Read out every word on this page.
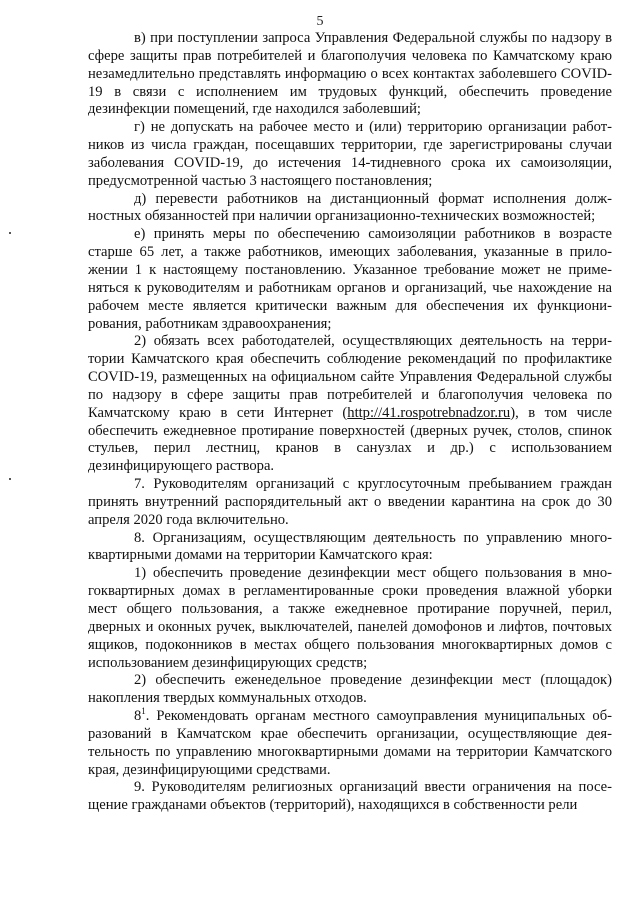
5

в) при поступлении запроса Управления Федеральной службы по надзору в сфере защиты прав потребителей и благополучия человека по Камчатскому краю незамедлительно представлять информацию о всех контактах заболевшего COVID-19 в связи с исполнением им трудовых функций, обеспечить проведение дезинфекции помещений, где находился заболевший;

г) не допускать на рабочее место и (или) территорию организации работников из числа граждан, посещавших территории, где зарегистрированы случаи заболевания COVID-19, до истечения 14-тидневного срока их самоизоляции, предусмотренной частью 3 настоящего постановления;

д) перевести работников на дистанционный формат исполнения должностных обязанностей при наличии организационно-технических возможностей;

е) принять меры по обеспечению самоизоляции работников в возрасте старше 65 лет, а также работников, имеющих заболевания, указанные в приложении 1 к настоящему постановлению. Указанное требование может не применяться к руководителям и работникам органов и организаций, чье нахождение на рабочем месте является критически важным для обеспечения их функционирования, работникам здравоохранения;

2) обязать всех работодателей, осуществляющих деятельность на территории Камчатского края обеспечить соблюдение рекомендаций по профилактике COVID-19, размещенных на официальном сайте Управления Федеральной службы по надзору в сфере защиты прав потребителей и благополучия человека по Камчатскому краю в сети Интернет (http://41.rospotrebnadzor.ru), в том числе обеспечить ежедневное протирание поверхностей (дверных ручек, столов, спинок стульев, перил лестниц, кранов в санузлах и др.) с использованием дезинфицирующего раствора.

7. Руководителям организаций с круглосуточным пребыванием граждан принять внутренний распорядительный акт о введении карантина на срок до 30 апреля 2020 года включительно.

8. Организациям, осуществляющим деятельность по управлению многоквартирными домами на территории Камчатского края:

1) обеспечить проведение дезинфекции мест общего пользования в многоквартирных домах в регламентированные сроки проведения влажной уборки мест общего пользования, а также ежедневное протирание поручней, перил, дверных и оконных ручек, выключателей, панелей домофонов и лифтов, почтовых ящиков, подоконников в местах общего пользования многоквартирных домов с использованием дезинфицирующих средств;

2) обеспечить еженедельное проведение дезинфекции мест (площадок) накопления твердых коммунальных отходов.

$8^1$. Рекомендовать органам местного самоуправления муниципальных образований в Камчатском крае обеспечить организации, осуществляющие деятельность по управлению многоквартирными домами на территории Камчатского края, дезинфицирующими средствами.

9. Руководителям религиозных организаций ввести ограничения на посещение гражданами объектов (территорий), находящихся в собственности рели
